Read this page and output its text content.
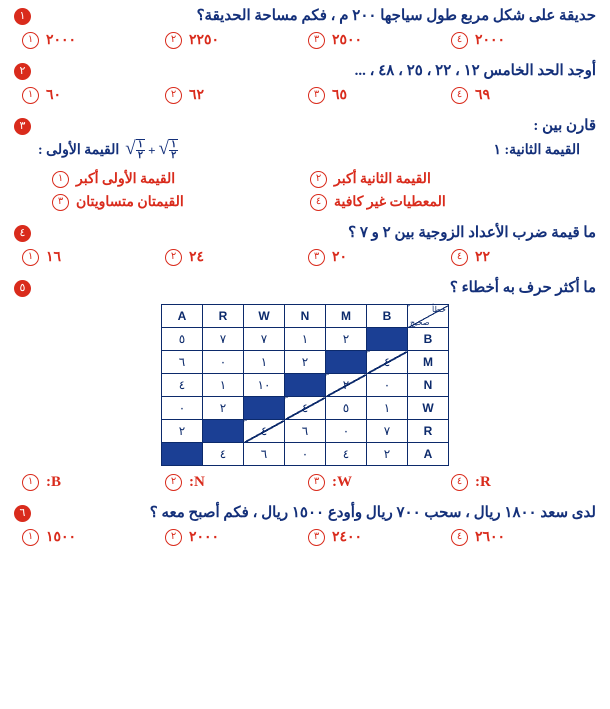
١	حديقة على شكل مربع طول سياجها ٢٠٠ م ، فكم مساحة الحديقة؟
١ ٢٠٠٠	٢ ٢٢٥٠	٣ ٢٥٠٠	٤ ٢٠٠٠
٢	أوجد الحد الخامس ١٢ ، ٢٢ ، ٢٥ ، ٤٨ ، ...
١ ٦٠	٢ ٦٢	٣ ٦٥	٤ ٦٩
٣	قارن بين :
القيمة الأولى : √ $\frac{١}{٢}$ + √ $\frac{١}{٢}$	القيمة الثانية: ١
١ القيمة الأولى أكبر	٢ القيمة الثانية أكبر
٣ القيمتان متساويتان	٤ المعطيات غير كافية
٤	ما قيمة ضرب الأعداد الزوجية بين ٢ و ٧ ؟
١ ١٦	٢ ٢٤	٣ ٢٠	٤ ٢٢
٥	ما أكثر حرف به أخطاء ؟
A	R	W	N	M	B	خطأ
صحيح

٥	٧	٧	١	٢		B
٦	٠	١	٢		٤	M
٤	١	١٠		٢	٠	N
٠	٢		٤	٥	١	W
٢		٤	٦	٠	٧	R
	٤	٦	٠	٤	٢	A
١ B:	٢ N:	٣ W:	٤ R:
٦	لدى سعد ١٨٠٠ ريال ، سحب ٧٠٠ ريال وأودع ١٥٠٠ ريال ، فكم أصبح معه ؟
١ ١٥٠٠	٢ ٢٠٠٠	٣ ٢٤٠٠	٤ ٢٦٠٠
